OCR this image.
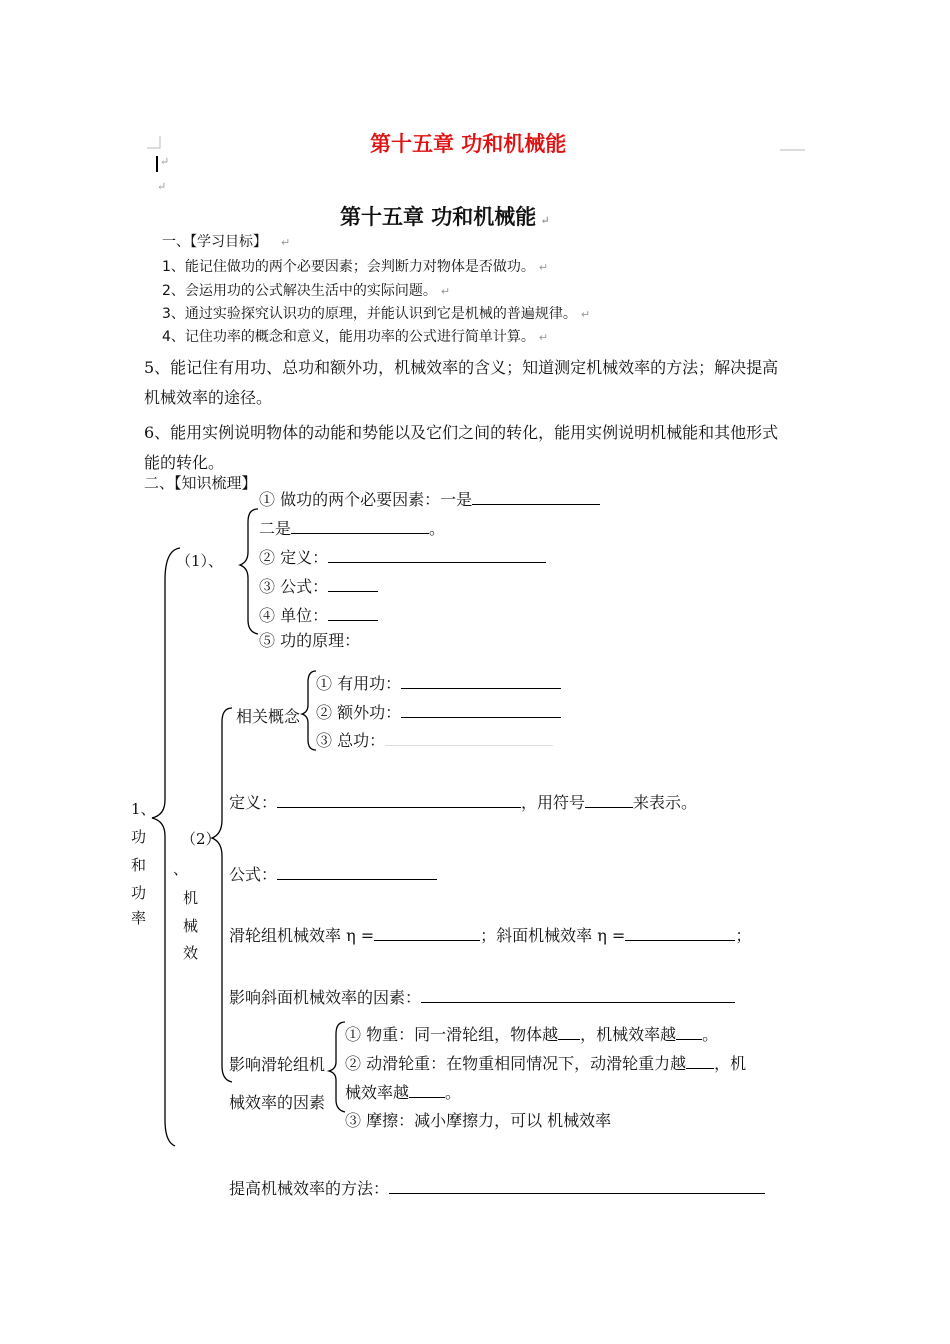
第十五章 功和机械能
↵
↵
第十五章 功和机械能 ↵
一、【学习目标】 ↵
1、能记住做功的两个必要因素；会判断力对物体是否做功。 ↵
2、会运用功的公式解决生活中的实际问题。 ↵
3、通过实验探究认识功的原理，并能认识到它是机械的普遍规律。 ↵
4、记住功率的概念和意义，能用功率的公式进行简单计算。 ↵
5、能记住有用功、总功和额外功，机械效率的含义；知道测定机械效率的方法；解决提高
机械效率的途径。
6、能用实例说明物体的动能和势能以及它们之间的转化，能用实例说明机械能和其他形式
能的转化。
二、【知识梳理】
① 做功的两个必要因素：一是
二是	。
（1）、 ② 定义：
③ 公式：
④ 单位：
⑤ 功的原理：
1、
功
和
功
率
（2）
、
机
械
效
相关概念
① 有用功：
② 额外功：
③ 总功：
定义：	，用符号	来表示。
公式：
滑轮组机械效率 η =	；斜面机械效率 η =	；
影响斜面机械效率的因素：
影响滑轮组机
械效率的因素
① 物重：同一滑轮组，物体越 ，机械效率越 。
② 动滑轮重：在物重相同情况下，动滑轮重力越 ，机
械效率越 。
③ 摩擦：减小摩擦力，可以 机械效率
提高机械效率的方法：
